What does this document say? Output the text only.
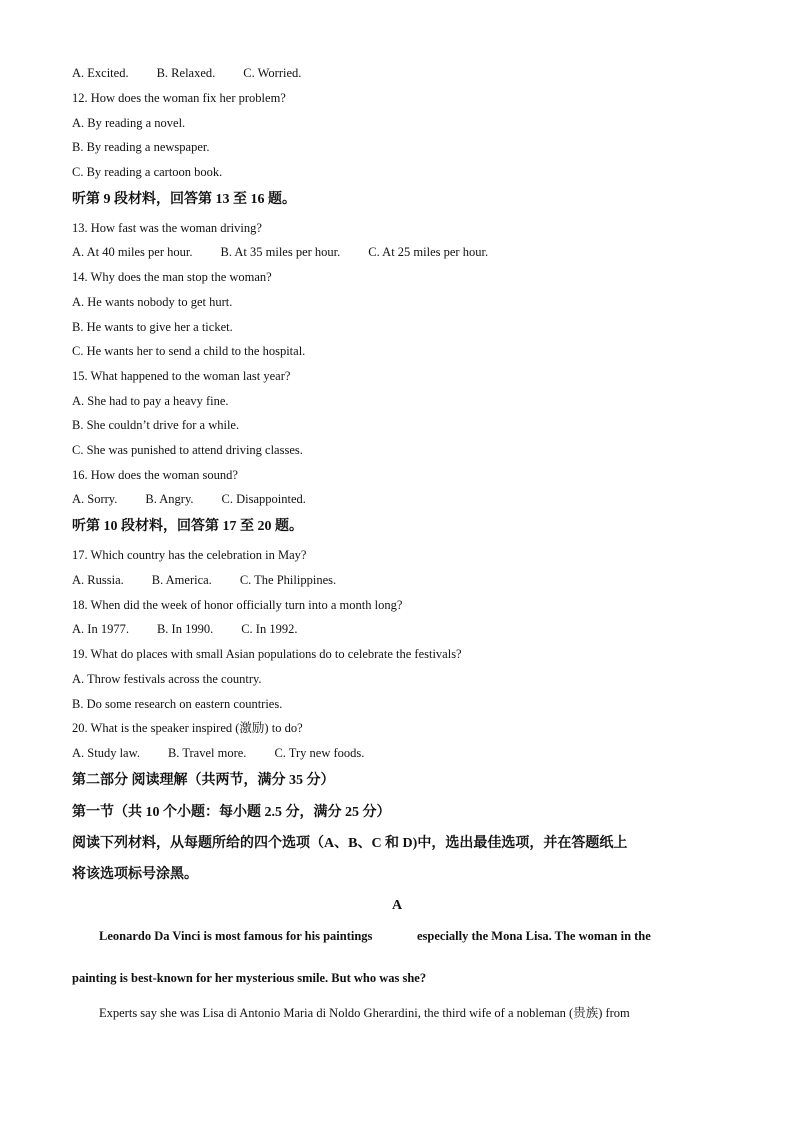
A. Excited. B. Relaxed. C. Worried.
12. How does the woman fix her problem?
A. By reading a novel.
B. By reading a newspaper.
C. By reading a cartoon book.
听第 9 段材料，回答第 13 至 16 题。
13. How fast was the woman driving?
A. At 40 miles per hour. B. At 35 miles per hour. C. At 25 miles per hour.
14. Why does the man stop the woman?
A. He wants nobody to get hurt.
B. He wants to give her a ticket.
C. He wants her to send a child to the hospital.
15. What happened to the woman last year?
A. She had to pay a heavy fine.
B. She couldn’t drive for a while.
C. She was punished to attend driving classes.
16. How does the woman sound?
A. Sorry. B. Angry. C. Disappointed.
听第 10 段材料，回答第 17 至 20 题。
17. Which country has the celebration in May?
A. Russia. B. America. C. The Philippines.
18. When did the week of honor officially turn into a month long?
A. In 1977. B. In 1990. C. In 1992.
19. What do places with small Asian populations do to celebrate the festivals?
A. Throw festivals across the country.
B. Do some research on eastern countries.
20. What is the speaker inspired (激励) to do?
A. Study law. B. Travel more. C. Try new foods.
第二部分 阅读理解（共两节，满分 35 分）
第一节（共 10 个小题：每小题 2.5 分，满分 25 分）
阅读下列材料，从每题所给的四个选项（A、B、C 和 D)中，选出最佳选项，并在答题纸上
将该选项标号涂黑。
A
Leonardo Da Vinci is most famous for his paintings	especially the Mona Lisa. The woman in the
painting is best-known for her mysterious smile. But who was she?
Experts say she was Lisa di Antonio Maria di Noldo Gherardini, the third wife of a nobleman (贵族) from
